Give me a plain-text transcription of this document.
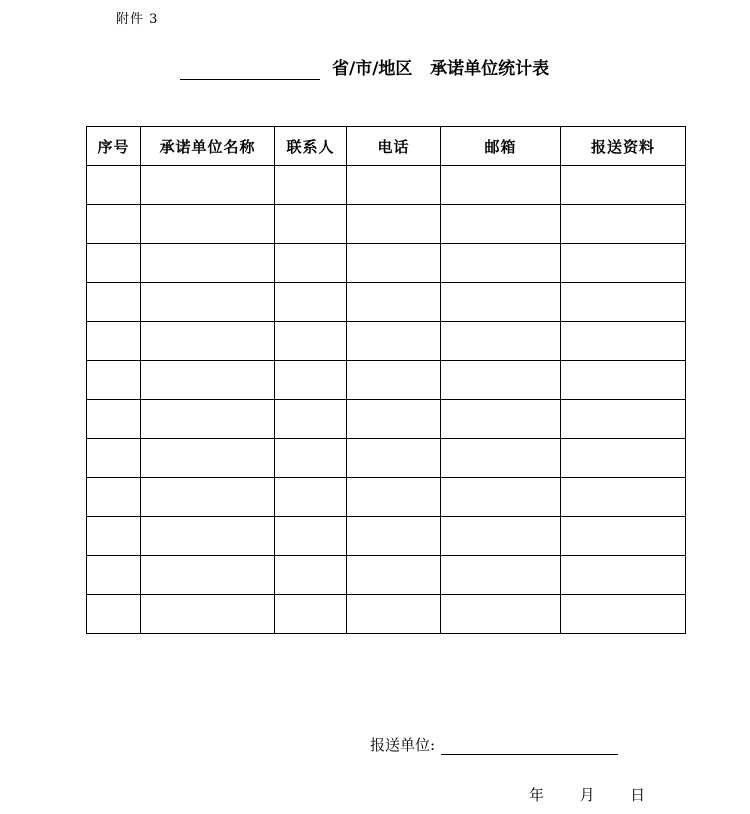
附件 3
省/市/地区   承诺单位统计表
序号	承诺单位名称	联系人	电话	邮箱	报送资料

报送单位:
年 月 日
